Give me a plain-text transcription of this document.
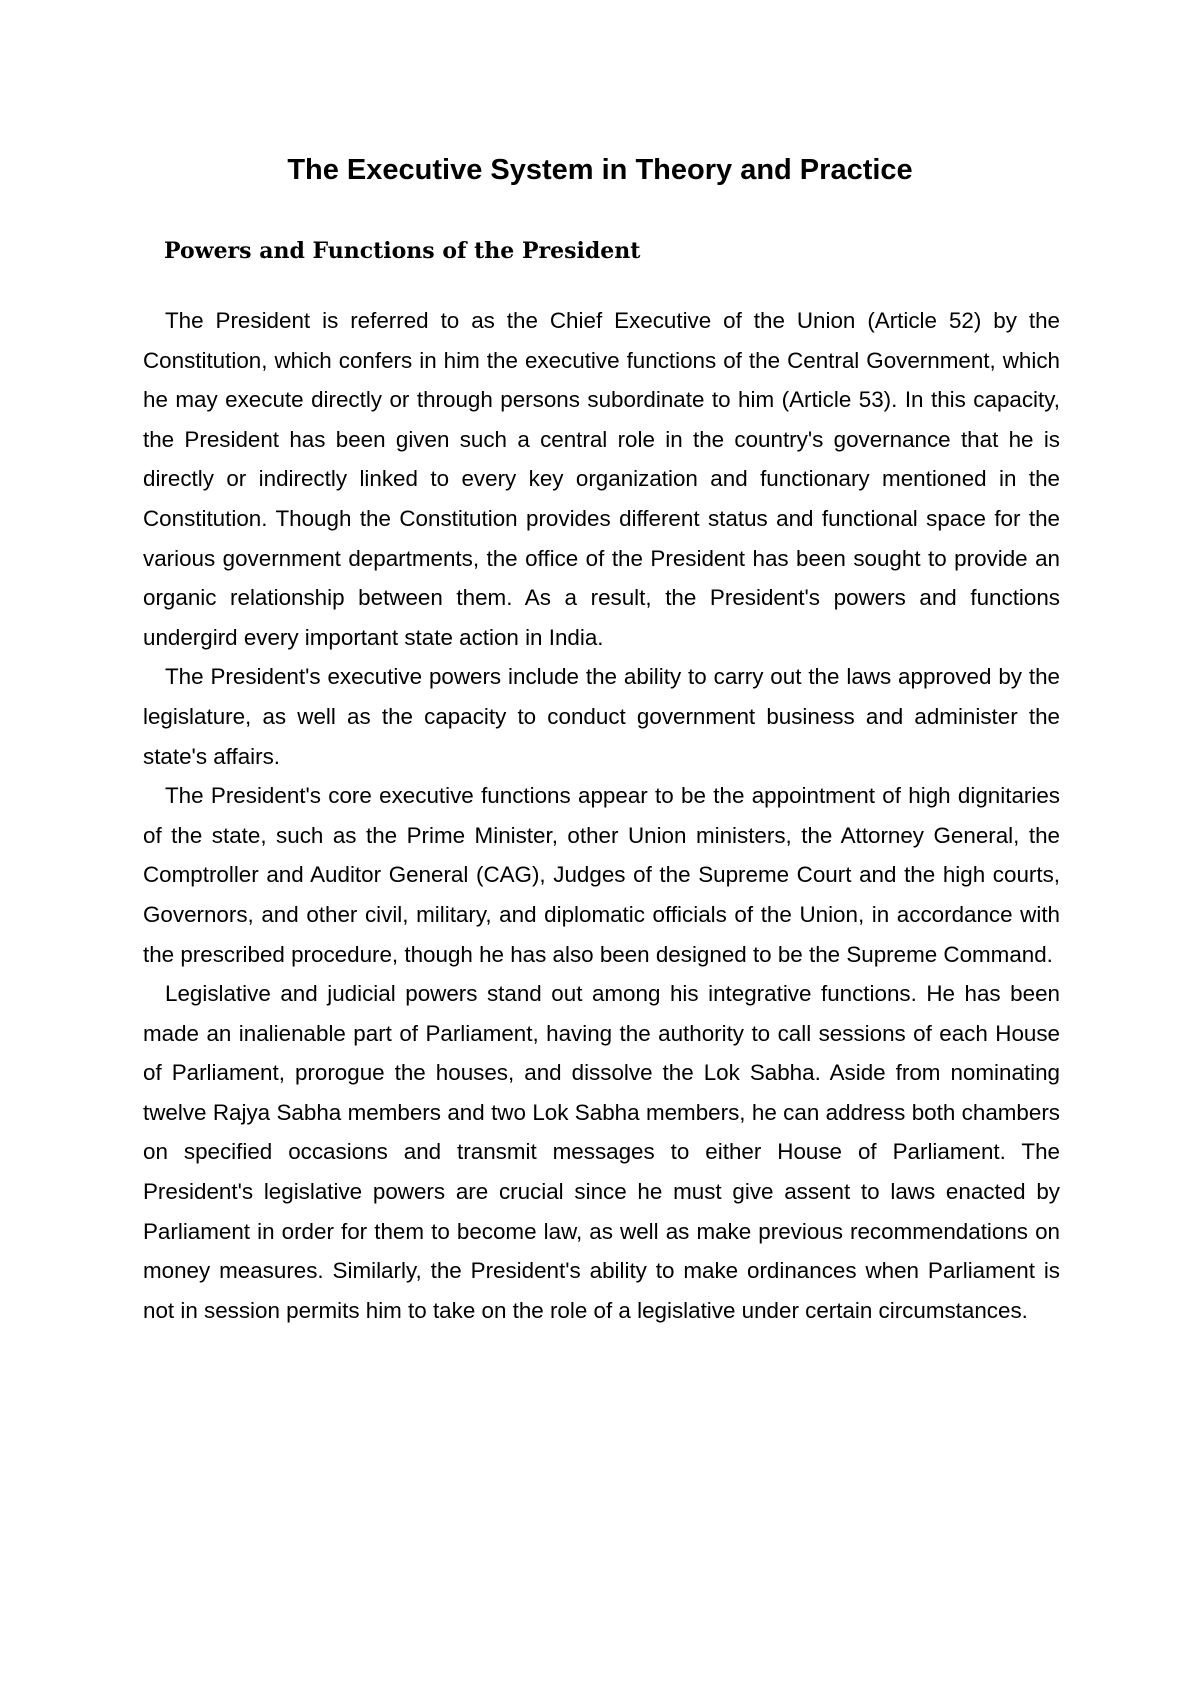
The Executive System in Theory and Practice
Powers and Functions of the President

The President is referred to as the Chief Executive of the Union (Article 52) by the Constitution, which confers in him the executive functions of the Central Government, which he may execute directly or through persons subordinate to him (Article 53). In this capacity, the President has been given such a central role in the country's governance that he is directly or indirectly linked to every key organization and functionary mentioned in the Constitution. Though the Constitution provides different status and functional space for the various government departments, the office of the President has been sought to provide an organic relationship between them. As a result, the President's powers and functions undergird every important state action in India.

The President's executive powers include the ability to carry out the laws approved by the legislature, as well as the capacity to conduct government business and administer the state's affairs.

The President's core executive functions appear to be the appointment of high dignitaries of the state, such as the Prime Minister, other Union ministers, the Attorney General, the Comptroller and Auditor General (CAG), Judges of the Supreme Court and the high courts, Governors, and other civil, military, and diplomatic officials of the Union, in accordance with the prescribed procedure, though he has also been designed to be the Supreme Command.

Legislative and judicial powers stand out among his integrative functions. He has been made an inalienable part of Parliament, having the authority to call sessions of each House of Parliament, prorogue the houses, and dissolve the Lok Sabha. Aside from nominating twelve Rajya Sabha members and two Lok Sabha members, he can address both chambers on specified occasions and transmit messages to either House of Parliament. The President's legislative powers are crucial since he must give assent to laws enacted by Parliament in order for them to become law, as well as make previous recommendations on money measures. Similarly, the President's ability to make ordinances when Parliament is not in session permits him to take on the role of a legislative under certain circumstances.
